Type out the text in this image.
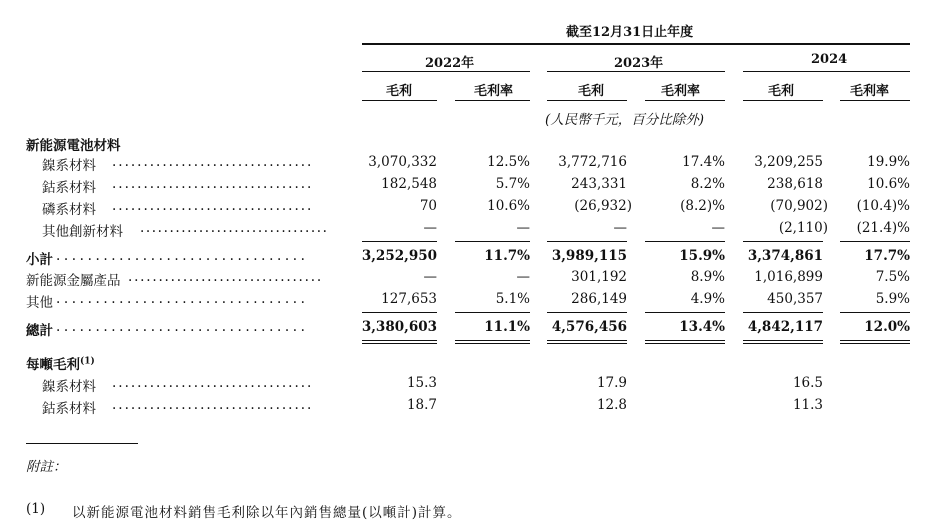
截至12月31日止年度
2022年	2023年	2024
毛利	毛利率	毛利	毛利率	毛利	毛利率
(人民幣千元，百分比除外)
新能源電池材料
鎳系材料 ................................	3,070,332	12.5% 3,772,716	17.4% 3,209,255	19.9%
鈷系材料 ................................	182,548	5.7%	243,331	8.2%	238,618	10.6%
磷系材料 ................................	70	10.6%	(26,932)	(8.2)%	(70,902) (10.4)%
其他創新材料 ................................	—	—	—	—	(2,110) (21.4)%
小計 ................................	3,252,950	11.7% 3,989,115	15.9% 3,374,861	17.7%
新能源金屬產品 ................................	—	—	301,192	8.9% 1,016,899	7.5%
其他 ................................	127,653	5.1%	286,149	4.9%	450,357	5.9%
總計 ................................	3,380,603	11.1% 4,576,456	13.4% 4,842,117	12.0%
每噸毛利$^{(1)}$
鎳系材料 ................................	15.3	17.9	16.5
鈷系材料 ................................	18.7	12.8	11.3
附註：
(1) 以新能源電池材料銷售毛利除以年內銷售總量(以噸計)計算。
